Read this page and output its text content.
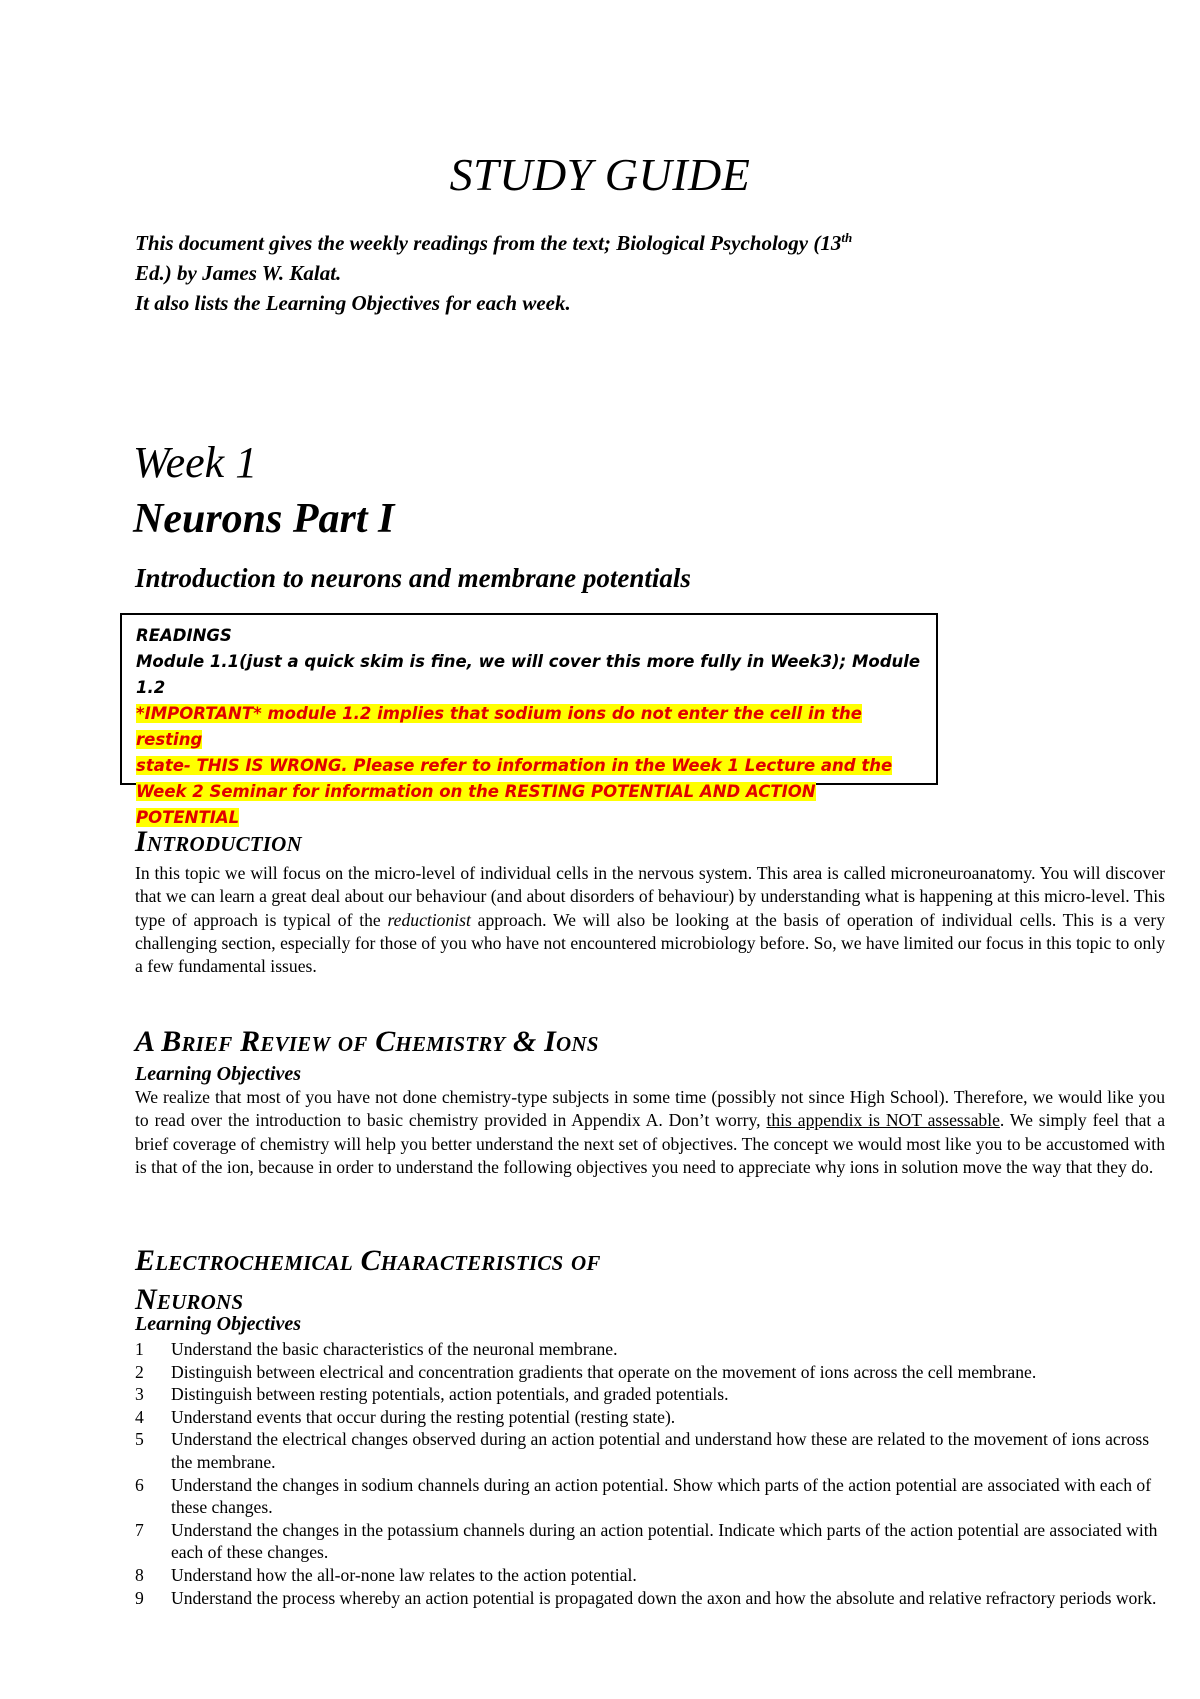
STUDY GUIDE

This document gives the weekly readings from the text; Biological Psychology (13th

Ed.) by James W. Kalat.

It also lists the Learning Objectives for each week.

Week 1
Neurons Part I
Introduction to neurons and membrane potentials

READINGS

Module 1.1(just a quick skim is fine, we will cover this more fully in Week3); Module

1.2

*IMPORTANT* module 1.2 implies that sodium ions do not enter the cell in the resting

state- THIS IS WRONG. Please refer to information in the Week 1 Lecture and the

Week 2 Seminar for information on the RESTING POTENTIAL AND ACTION POTENTIAL

Introduction

In this topic we will focus on the micro-level of individual cells in the nervous system. This area is called microneuroanatomy. You will discover that we can learn a great deal about our behaviour (and about disorders of behaviour) by understanding what is happening at this micro-level. This type of approach is typical of the reductionist approach. We will also be looking at the basis of operation of individual cells. This is a very challenging section, especially for those of you who have not encountered microbiology before. So, we have limited our focus in this topic to only a few fundamental issues.

A Brief Review of Chemistry & Ions

Learning Objectives

We realize that most of you have not done chemistry-type subjects in some time (possibly not since High School). Therefore, we would like you to read over the introduction to basic chemistry provided in Appendix A. Don’t worry, this appendix is NOT assessable. We simply feel that a brief coverage of chemistry will help you better understand the next set of objectives. The concept we would most like you to be accustomed with is that of the ion, because in order to understand the following objectives you need to appreciate why ions in solution move the way that they do.

Electrochemical Characteristics of
Neurons

Learning Objectives

1 Understand the basic characteristics of the neuronal membrane.
2 Distinguish between electrical and concentration gradients that operate on the movement of ions across the cell membrane.
3 Distinguish between resting potentials, action potentials, and graded potentials.
4 Understand events that occur during the resting potential (resting state).
5 Understand the electrical changes observed during an action potential and understand how these are related to the movement of ions across the membrane.
6 Understand the changes in sodium channels during an action potential. Show which parts of the action potential are associated with each of these changes.
7 Understand the changes in the potassium channels during an action potential. Indicate which parts of the action potential are associated with each of these changes.
8 Understand how the all-or-none law relates to the action potential.
9 Understand the process whereby an action potential is propagated down the axon and how the absolute and relative refractory periods work.
